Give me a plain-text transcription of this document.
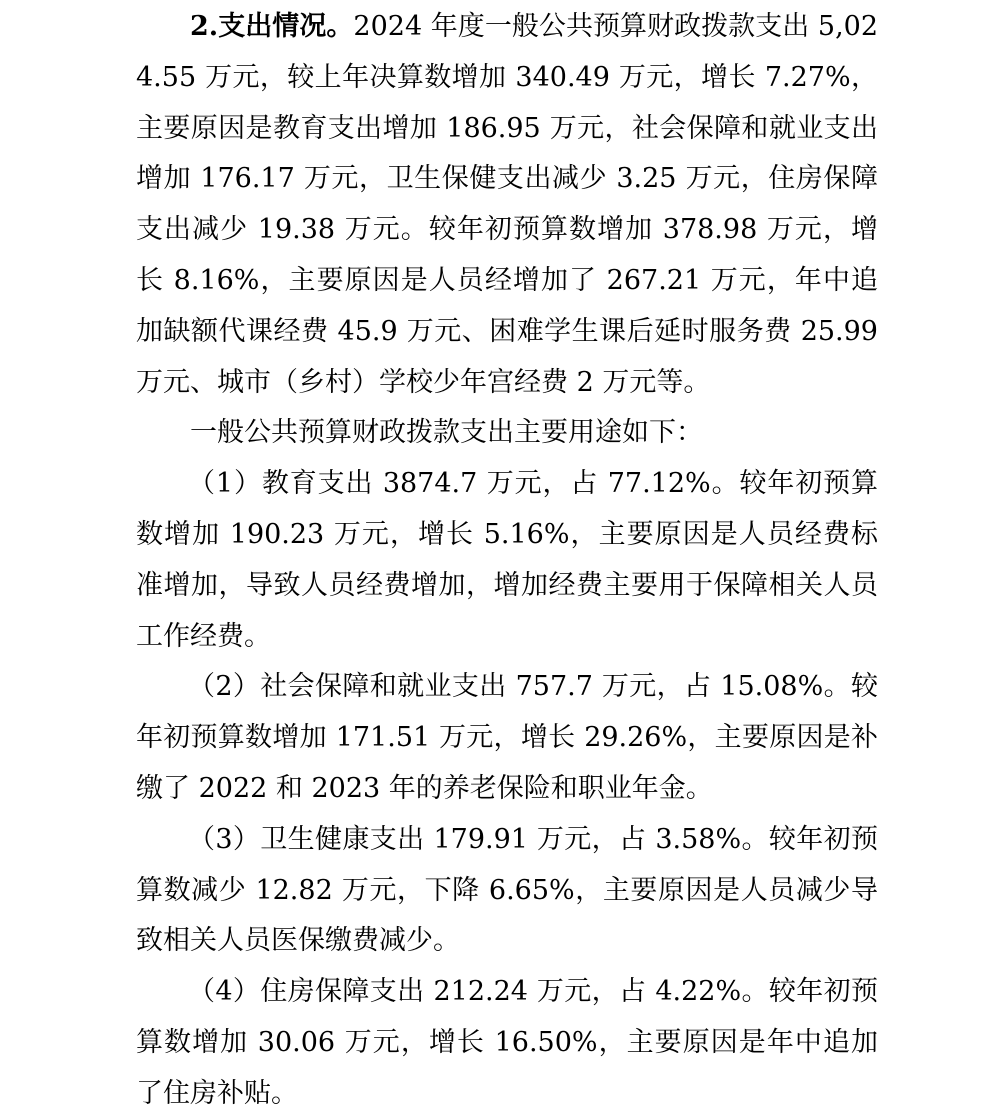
2.支出情况。2024 年度一般公共预算财政拨款支出 5,024.55 万元，较上年决算数增加 340.49 万元，增长 7.27%，主要原因是教育支出增加 186.95 万元，社会保障和就业支出增加 176.17 万元，卫生保健支出减少 3.25 万元，住房保障支出减少 19.38 万元。较年初预算数增加 378.98 万元，增长 8.16%，主要原因是人员经增加了 267.21 万元，年中追加缺额代课经费 45.9 万元、困难学生课后延时服务费 25.99 万元、城市（乡村）学校少年宫经费 2 万元等。

一般公共预算财政拨款支出主要用途如下：

（1）教育支出 3874.7 万元，占 77.12%。较年初预算数增加 190.23 万元，增长 5.16%，主要原因是人员经费标准增加，导致人员经费增加，增加经费主要用于保障相关人员工作经费。

（2）社会保障和就业支出 757.7 万元，占 15.08%。较年初预算数增加 171.51 万元，增长 29.26%，主要原因是补缴了 2022 和 2023 年的养老保险和职业年金。

（3）卫生健康支出 179.91 万元，占 3.58%。较年初预算数减少 12.82 万元，下降 6.65%，主要原因是人员减少导致相关人员医保缴费减少。

（4）住房保障支出 212.24 万元，占 4.22%。较年初预算数增加 30.06 万元，增长 16.50%，主要原因是年中追加了住房补贴。
